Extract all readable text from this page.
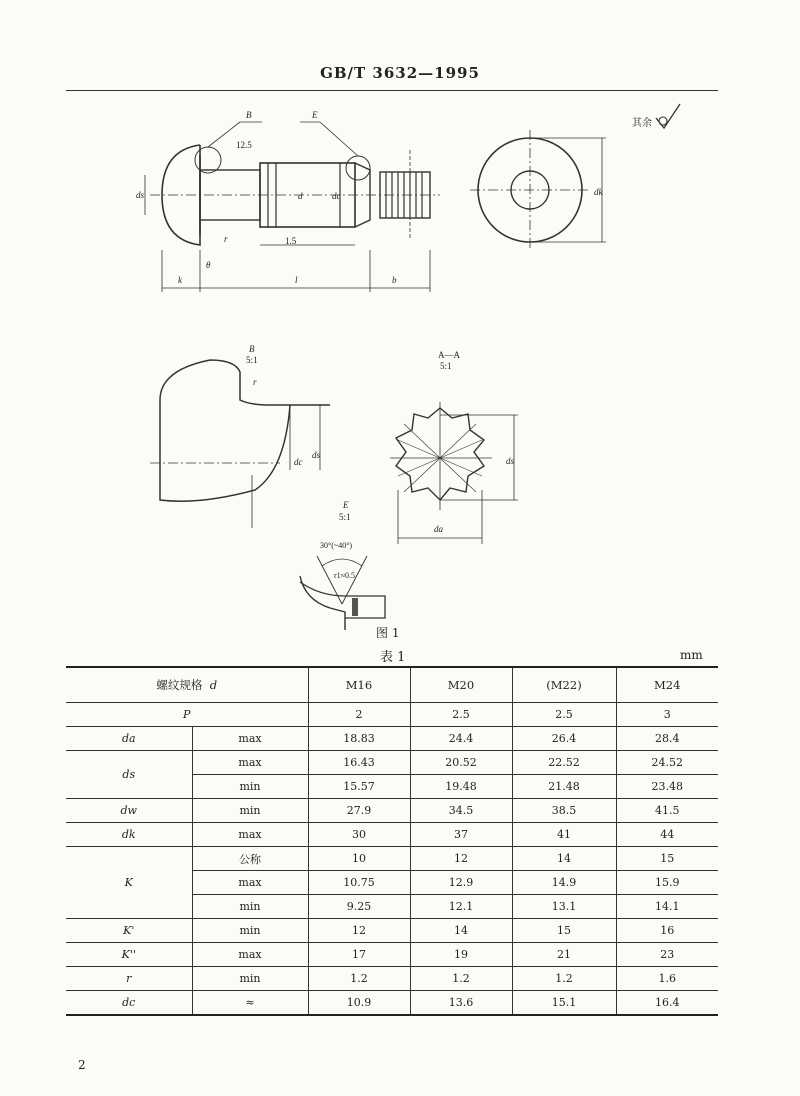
GB/T 3632—1995
B	E
12.5
k	l	b
1.5
ds	d	dc
r
θ
dk
其余
B
5:1
r
dc
ds
A—A
5:1
ds
da
E
5:1
30°(~40°)
r1≈0.5
图 1
表 1	mm
螺纹规格 d		M16	M20	(M22)	M24
P		2	2.5	2.5	3
da	max	18.83	24.4	26.4	28.4
ds	max	16.43	20.52	22.52	24.52
	min	15.57	19.48	21.48	23.48
dw	min	27.9	34.5	38.5	41.5
dk	max	30	37	41	44
K	公称	10	12	14	15
	max	10.75	12.9	14.9	15.9
	min	9.25	12.1	13.1	14.1
K'	min	12	14	15	16
K''	max	17	19	21	23
r	min	1.2	1.2	1.2	1.6
dc	≈	10.9	13.6	15.1	16.4
2
